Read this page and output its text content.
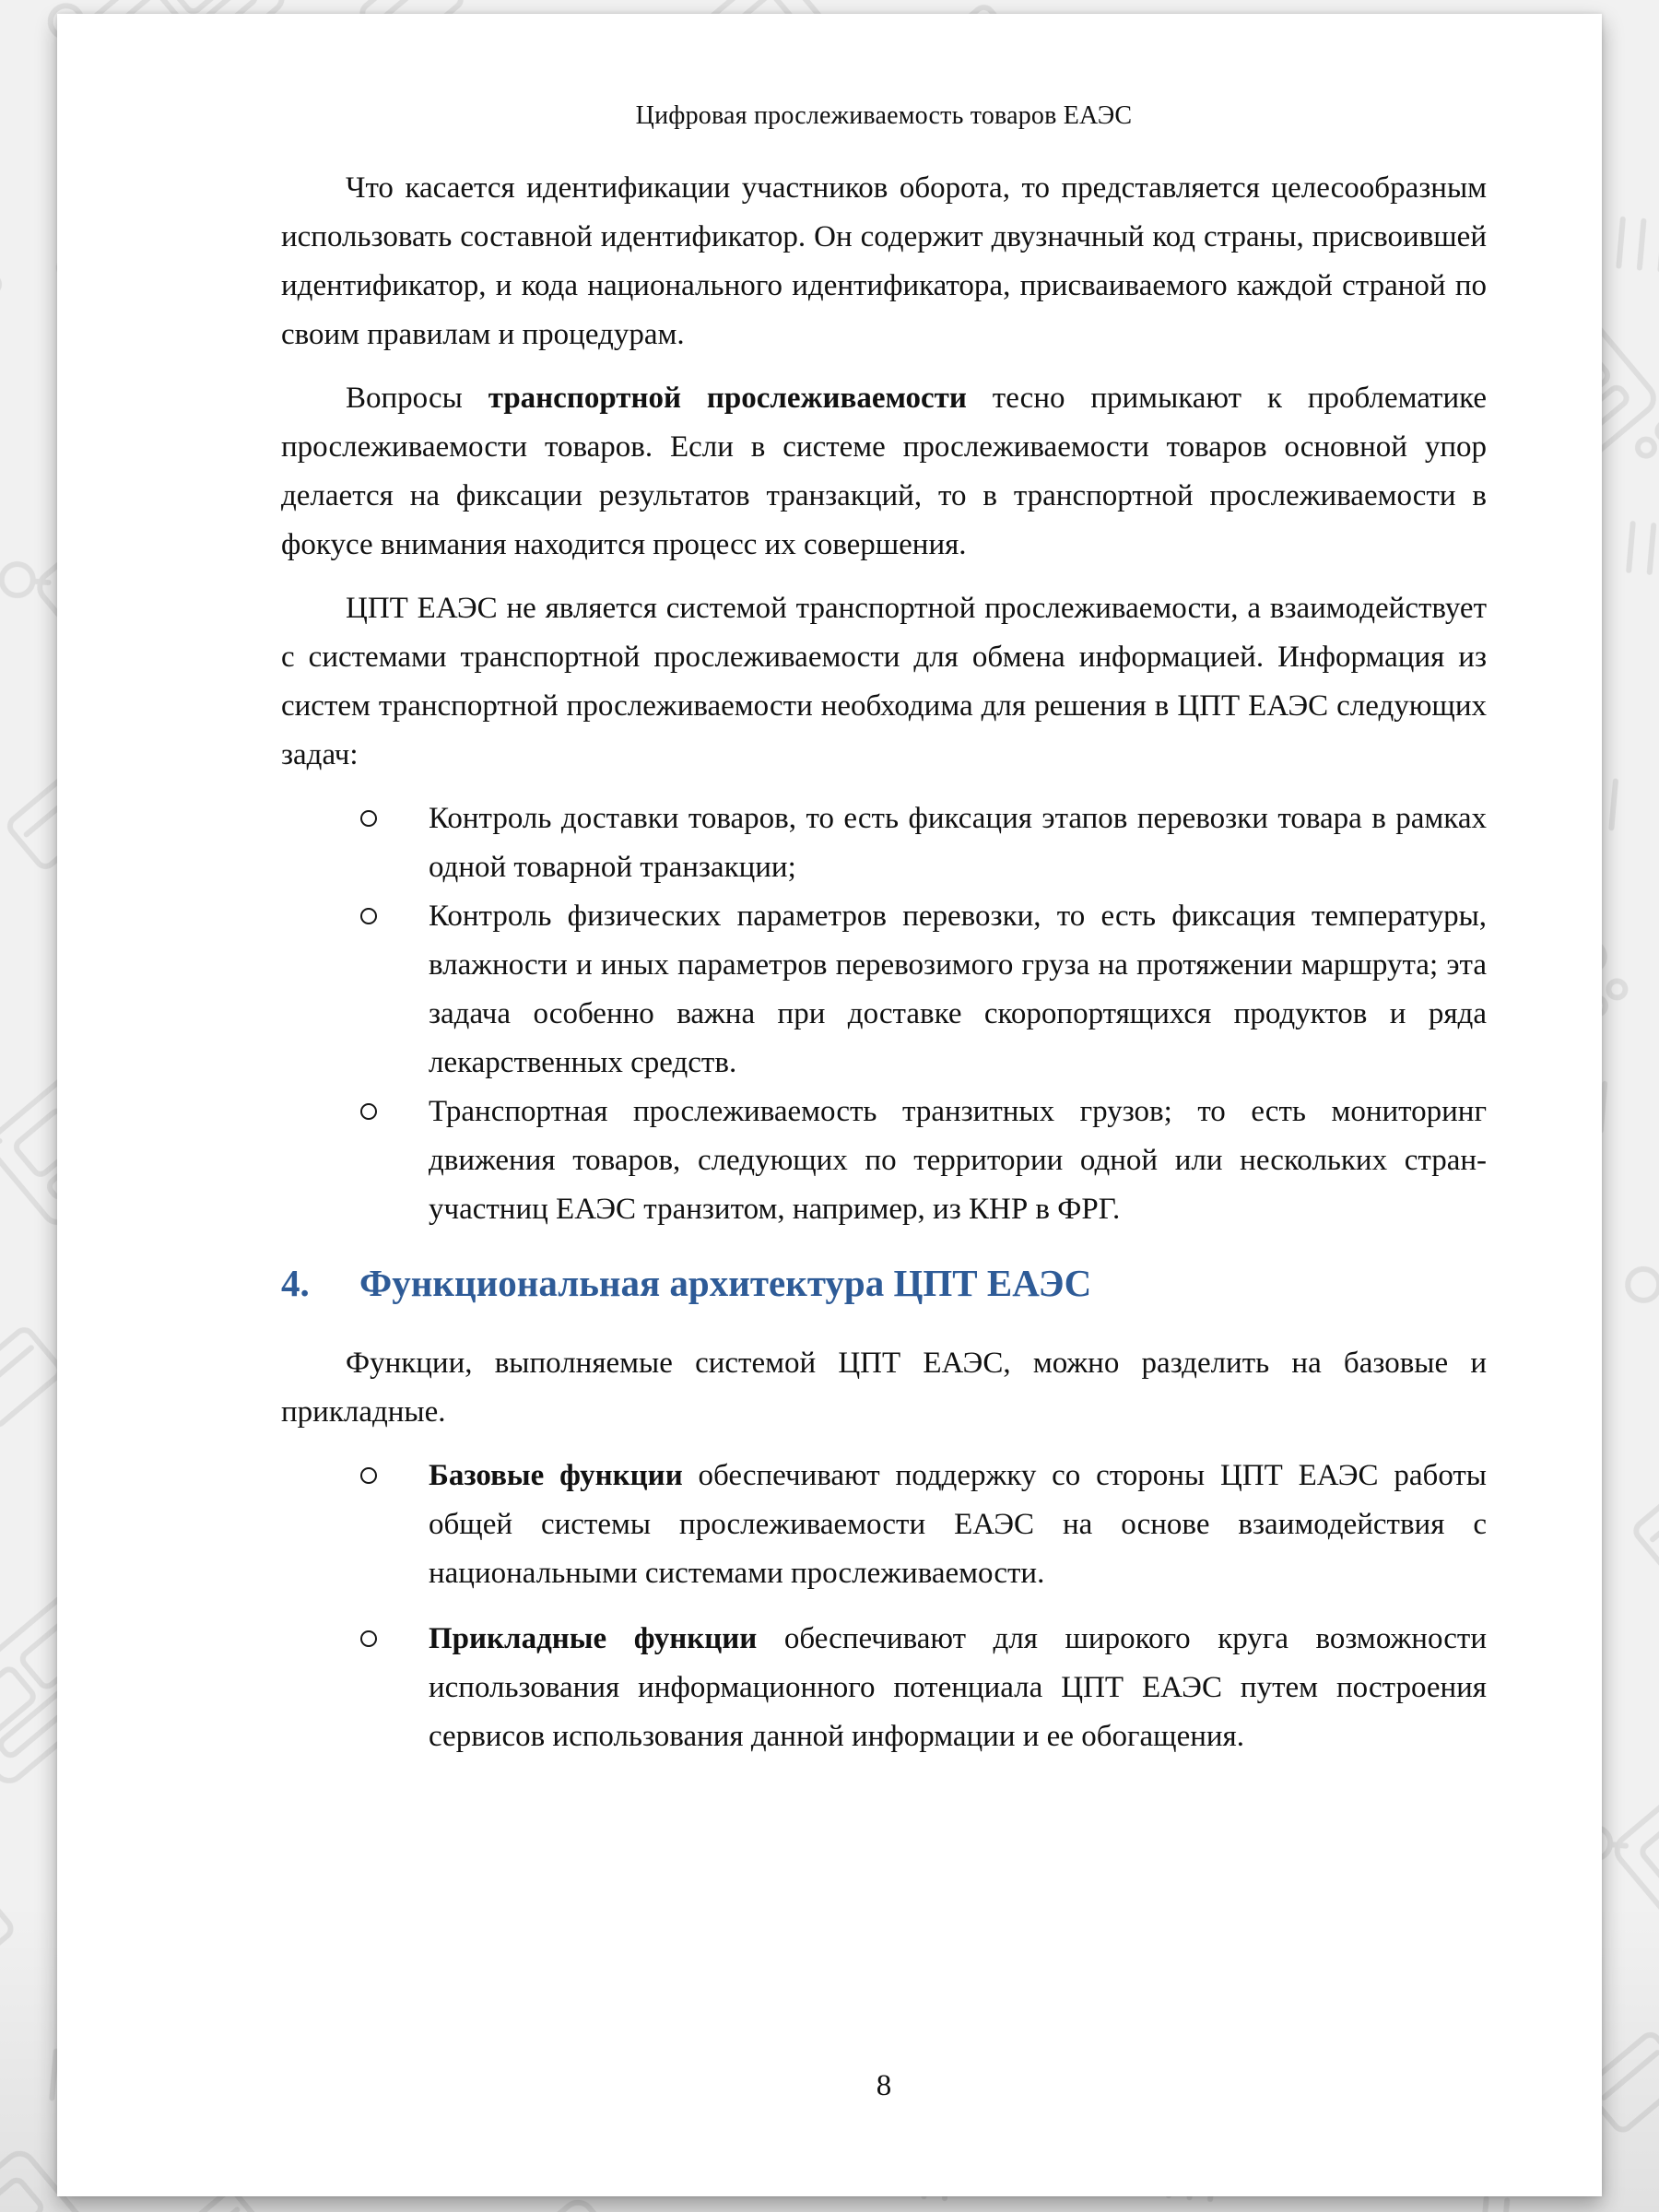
Цифровая прослеживаемость товаров ЕАЭС

Что касается идентификации участников оборота, то представляется целесообразным использовать составной идентификатор. Он содержит двузначный код страны, присвоившей идентификатор, и кода национального идентификатора, присваиваемого каждой страной по своим правилам и процедурам.

Вопросы транспортной прослеживаемости тесно примыкают к проблематике прослеживаемости товаров. Если в системе прослеживаемости товаров основной упор делается на фиксации результатов транзакций, то в транспортной прослеживаемости в фокусе внимания находится процесс их совершения.

ЦПТ ЕАЭС не является системой транспортной прослеживаемости, а взаимодействует с системами транспортной прослеживаемости для обмена информацией. Информация из систем транспортной прослеживаемости необходима для решения в ЦПТ ЕАЭС следующих задач:

Контроль доставки товаров, то есть фиксация этапов перевозки товара в рамках одной товарной транзакции;
Контроль физических параметров перевозки, то есть фиксация температуры, влажности и иных параметров перевозимого груза на протяжении маршрута; эта задача особенно важна при доставке скоропортящихся продуктов и ряда лекарственных средств.
Транспортная прослеживаемость транзитных грузов; то есть мониторинг движения товаров, следующих по территории одной или нескольких стран-участниц ЕАЭС транзитом, например, из КНР в ФРГ.
4.	Функциональная архитектура ЦПТ ЕАЭС

Функции, выполняемые системой ЦПТ ЕАЭС, можно разделить на базовые и прикладные.

Базовые функции обеспечивают поддержку со стороны ЦПТ ЕАЭС работы общей системы прослеживаемости ЕАЭС на основе взаимодействия с национальными системами прослеживаемости.
Прикладные функции обеспечивают для широкого круга возможности использования информационного потенциала ЦПТ ЕАЭС путем построения сервисов использования данной информации и ее обогащения.
8
